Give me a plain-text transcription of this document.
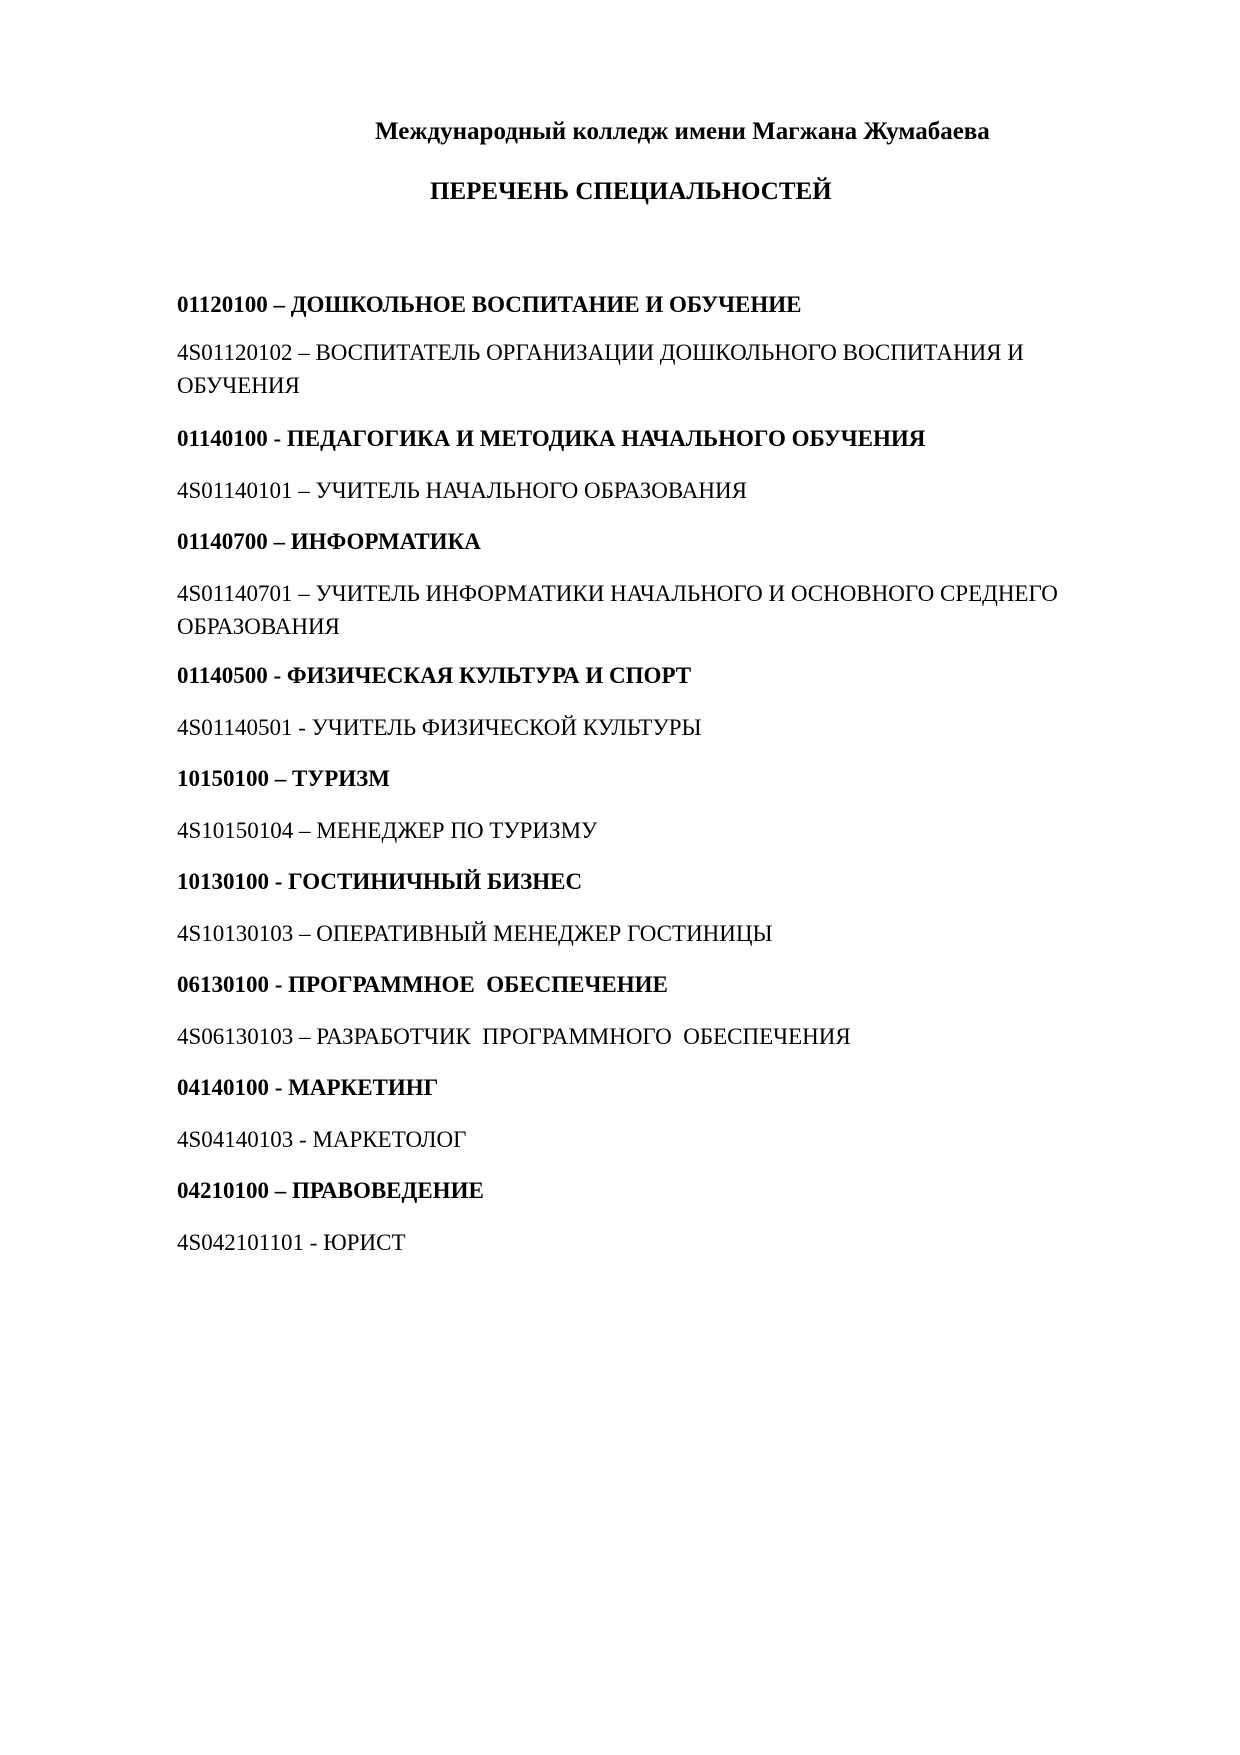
Международный колледж имени Магжана Жумабаева
ПЕРЕЧЕНЬ СПЕЦИАЛЬНОСТЕЙ

01120100 – ДОШКОЛЬНОЕ ВОСПИТАНИЕ И ОБУЧЕНИЕ

4S01120102 – ВОСПИТАТЕЛЬ ОРГАНИЗАЦИИ ДОШКОЛЬНОГО ВОСПИТАНИЯ И
ОБУЧЕНИЯ

01140100 - ПЕДАГОГИКА И МЕТОДИКА НАЧАЛЬНОГО ОБУЧЕНИЯ

4S01140101 – УЧИТЕЛЬ НАЧАЛЬНОГО ОБРАЗОВАНИЯ

01140700 – ИНФОРМАТИКА

4S01140701 – УЧИТЕЛЬ ИНФОРМАТИКИ НАЧАЛЬНОГО И ОСНОВНОГО СРЕДНЕГО
ОБРАЗОВАНИЯ

01140500 - ФИЗИЧЕСКАЯ КУЛЬТУРА И СПОРТ

4S01140501 - УЧИТЕЛЬ ФИЗИЧЕСКОЙ КУЛЬТУРЫ

10150100 – ТУРИЗМ

4S10150104 – МЕНЕДЖЕР ПО ТУРИЗМУ

10130100 - ГОСТИНИЧНЫЙ БИЗНЕС

4S10130103 – ОПЕРАТИВНЫЙ МЕНЕДЖЕР ГОСТИНИЦЫ

06130100 - ПРОГРАММНОЕ  ОБЕСПЕЧЕНИЕ

4S06130103 – РАЗРАБОТЧИК  ПРОГРАММНОГО  ОБЕСПЕЧЕНИЯ

04140100 - МАРКЕТИНГ

4S04140103 - МАРКЕТОЛОГ

04210100 – ПРАВОВЕДЕНИЕ

4S042101101 - ЮРИСТ
